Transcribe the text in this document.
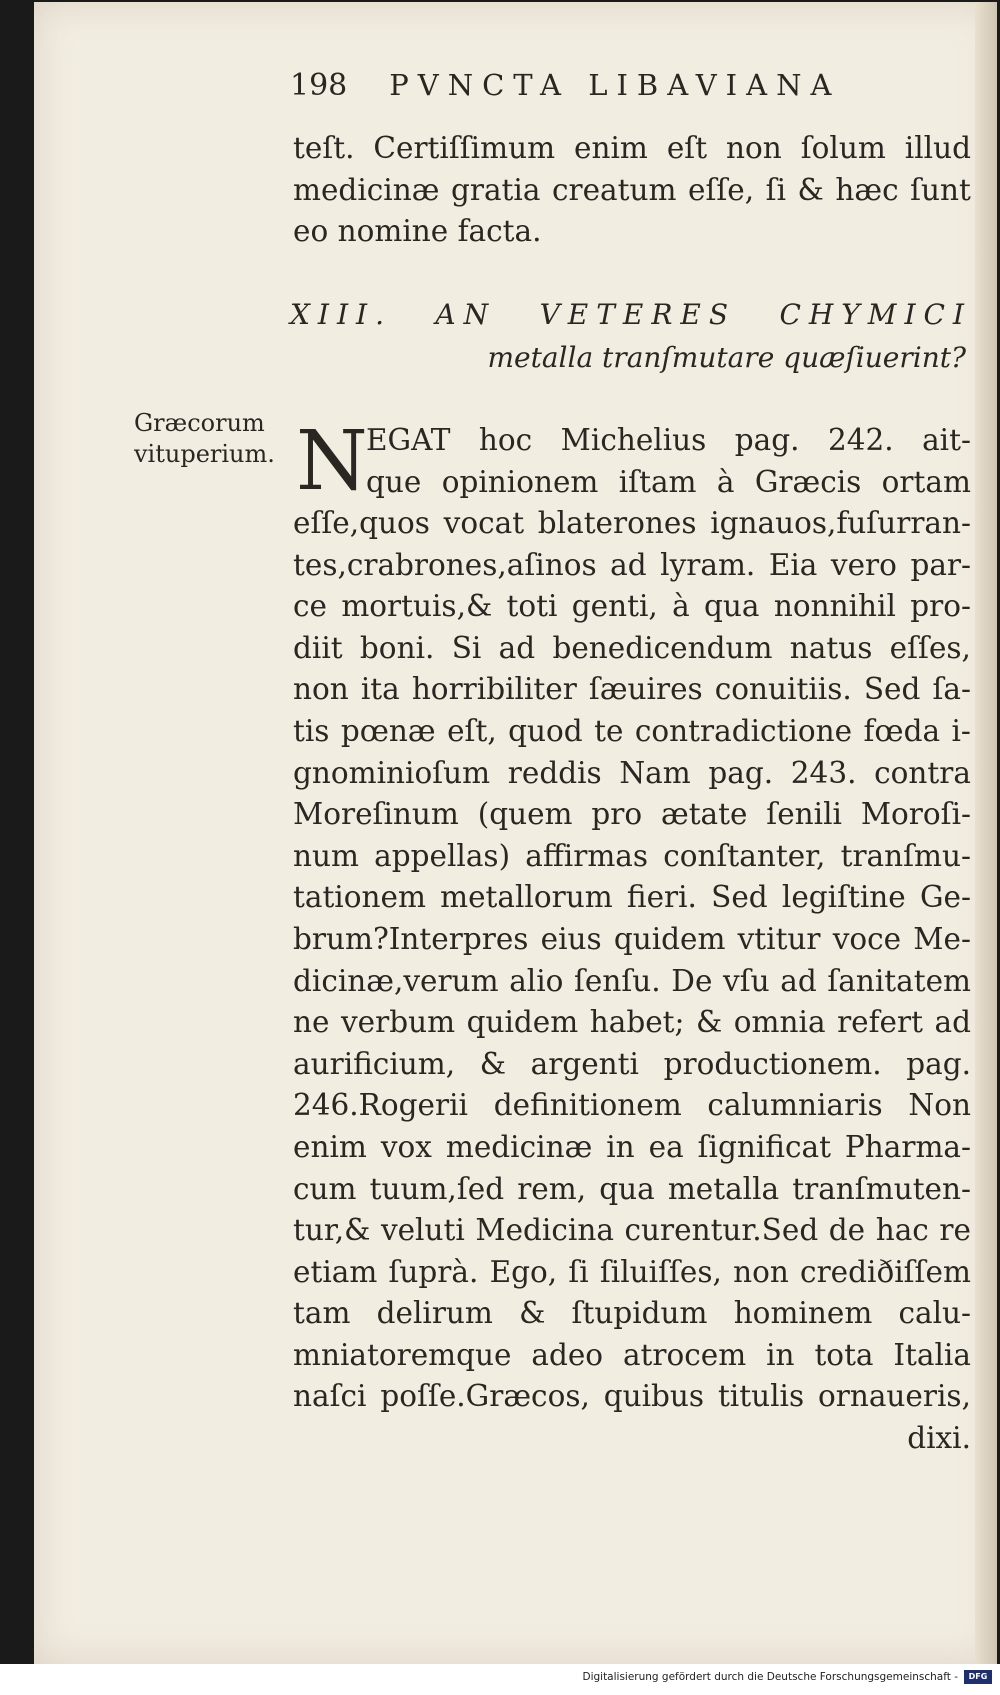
198 PVNCTA LIBAVIANA
teſt. Certiſſimum enim eſt non ſolum illud
medicinæ gratia creatum eſſe, ſi & hæc ſunt
eo nomine facta.
XIII. AN VETERES CHYMICI
metalla tranſmutare quæſiuerint?
Græcorum
vituperium. N
EGAT hoc Michelius pag. 242. ait-
que opinionem iſtam à Græcis ortam
eſſe,quos vocat blaterones ignauos,fuſurran-
tes,crabrones,aſinos ad lyram. Eia vero par-
ce mortuis,& toti genti, à qua nonnihil pro-
diit boni. Si ad benedicendum natus eſſes,
non ita horribiliter ſæuires conuitiis. Sed ſa-
tis pœnæ eſt, quod te contradictione fœda i-
gnominioſum reddis Nam pag. 243. contra
Moreſinum (quem pro ætate ſenili Moroſi-
num appellas) affirmas conſtanter, tranſmu-
tationem metallorum fieri. Sed legiſtine Ge-
brum?Interpres eius quidem vtitur voce Me-
dicinæ,verum alio ſenſu. De vſu ad ſanitatem
ne verbum quidem habet; & omnia refert ad
aurificium, & argenti productionem. pag.
246.Rogerii definitionem calumniaris Non
enim vox medicinæ in ea ſignificat Pharma-
cum tuum,ſed rem, qua metalla tranſmuten-
tur,& veluti Medicina curentur.Sed de hac re
etiam ſuprà. Ego, ſi ſiluiſſes, non crediðiſſem
tam delirum & ſtupidum hominem calu-
mniatoremque adeo atrocem in tota Italia
naſci poſſe.Græcos, quibus titulis ornaueris,
dixi.
Digitalisierung gefördert durch die Deutsche Forschungsgemeinschaft -	DFG
